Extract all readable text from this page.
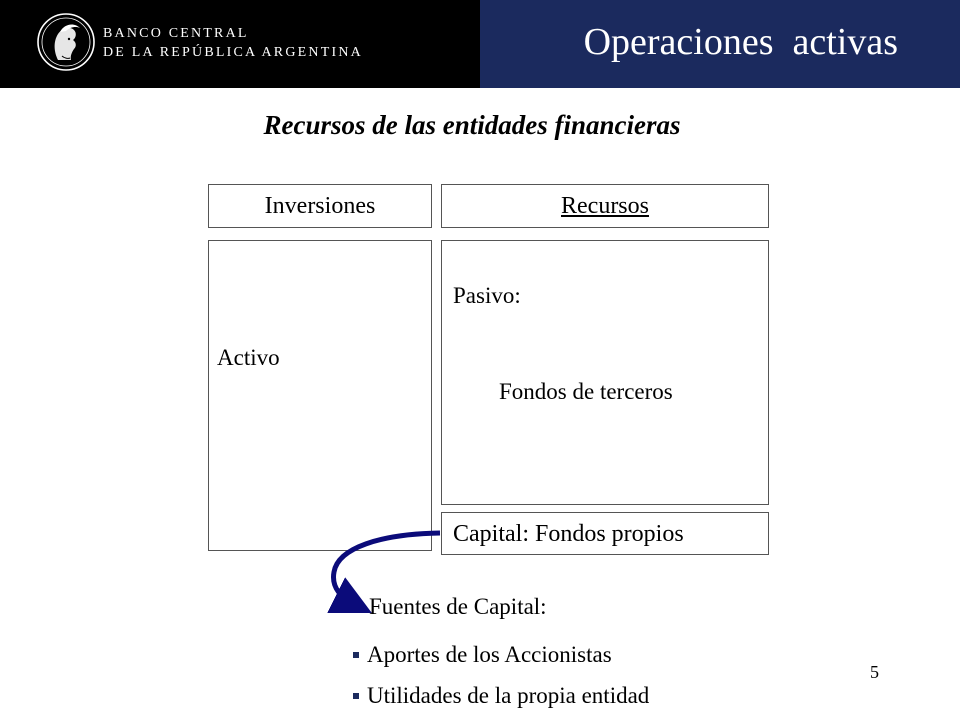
BANCO CENTRAL
DE LA REPÚBLICA ARGENTINA	Operaciones  activas
Recursos de las entidades financieras
Inversiones	Recursos
Activo
Pasivo:
Fondos de terceros
Capital: Fondos propios
Fuentes de Capital:
Aportes de los Accionistas
Utilidades de la propia entidad
5
